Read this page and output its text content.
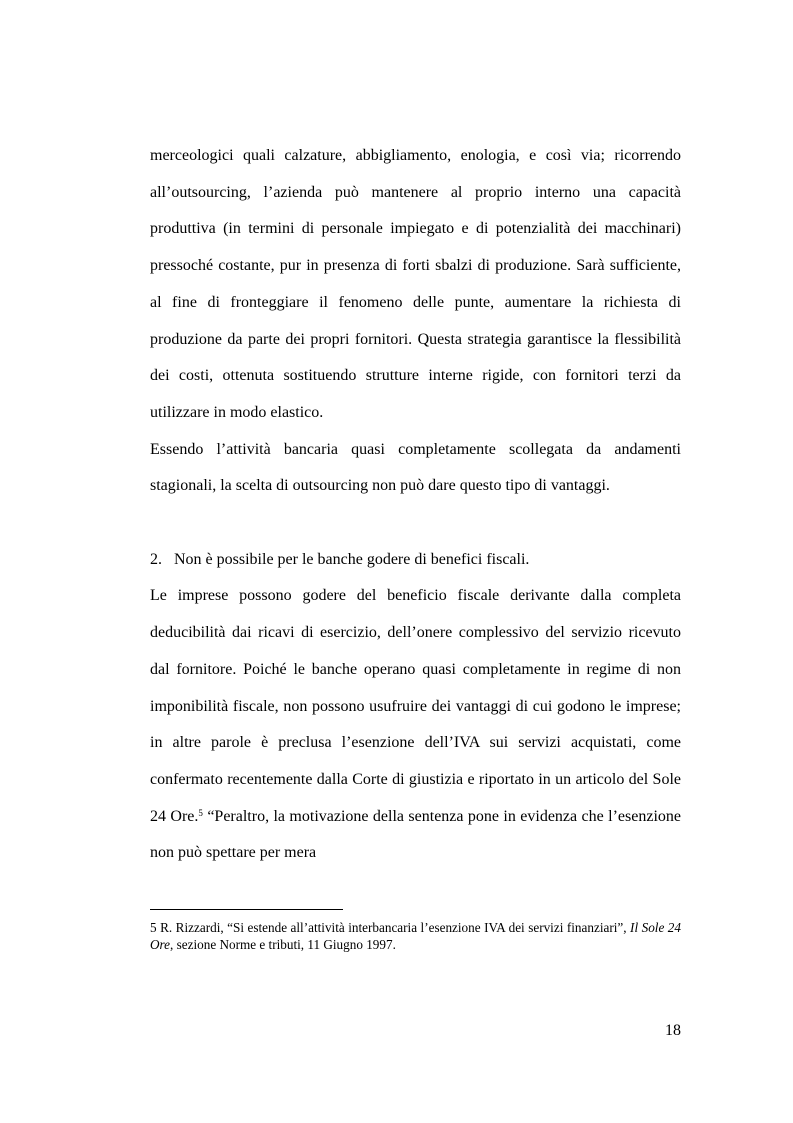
merceologici quali calzature, abbigliamento, enologia, e così via; ricorrendo all’outsourcing, l’azienda può mantenere al proprio interno una capacità produttiva (in termini di personale impiegato e di potenzialità dei macchinari) pressoché costante, pur in presenza di forti sbalzi di produzione. Sarà sufficiente, al fine di fronteggiare il fenomeno delle punte, aumentare la richiesta di produzione da parte dei propri fornitori. Questa strategia garantisce la flessibilità dei costi, ottenuta sostituendo strutture interne rigide, con fornitori terzi da utilizzare in modo elastico.

Essendo l’attività bancaria quasi completamente scollegata da andamenti stagionali, la scelta di outsourcing non può dare questo tipo di vantaggi.

2. Non è possibile per le banche godere di benefici fiscali.

Le imprese possono godere del beneficio fiscale derivante dalla completa deducibilità dai ricavi di esercizio, dell’onere complessivo del servizio ricevuto dal fornitore. Poiché le banche operano quasi completamente in regime di non imponibilità fiscale, non possono usufruire dei vantaggi di cui godono le imprese; in altre parole è preclusa l’esenzione dell’IVA sui servizi acquistati, come confermato recentemente dalla Corte di giustizia e riportato in un articolo del Sole 24 Ore.$^5$ “Peraltro, la motivazione della sentenza pone in evidenza che l’esenzione non può spettare per mera

5 R. Rizzardi, “Si estende all’attività interbancaria l’esenzione IVA dei servizi finanziari”, Il Sole 24 Ore, sezione Norme e tributi, 11 Giugno 1997.
18
